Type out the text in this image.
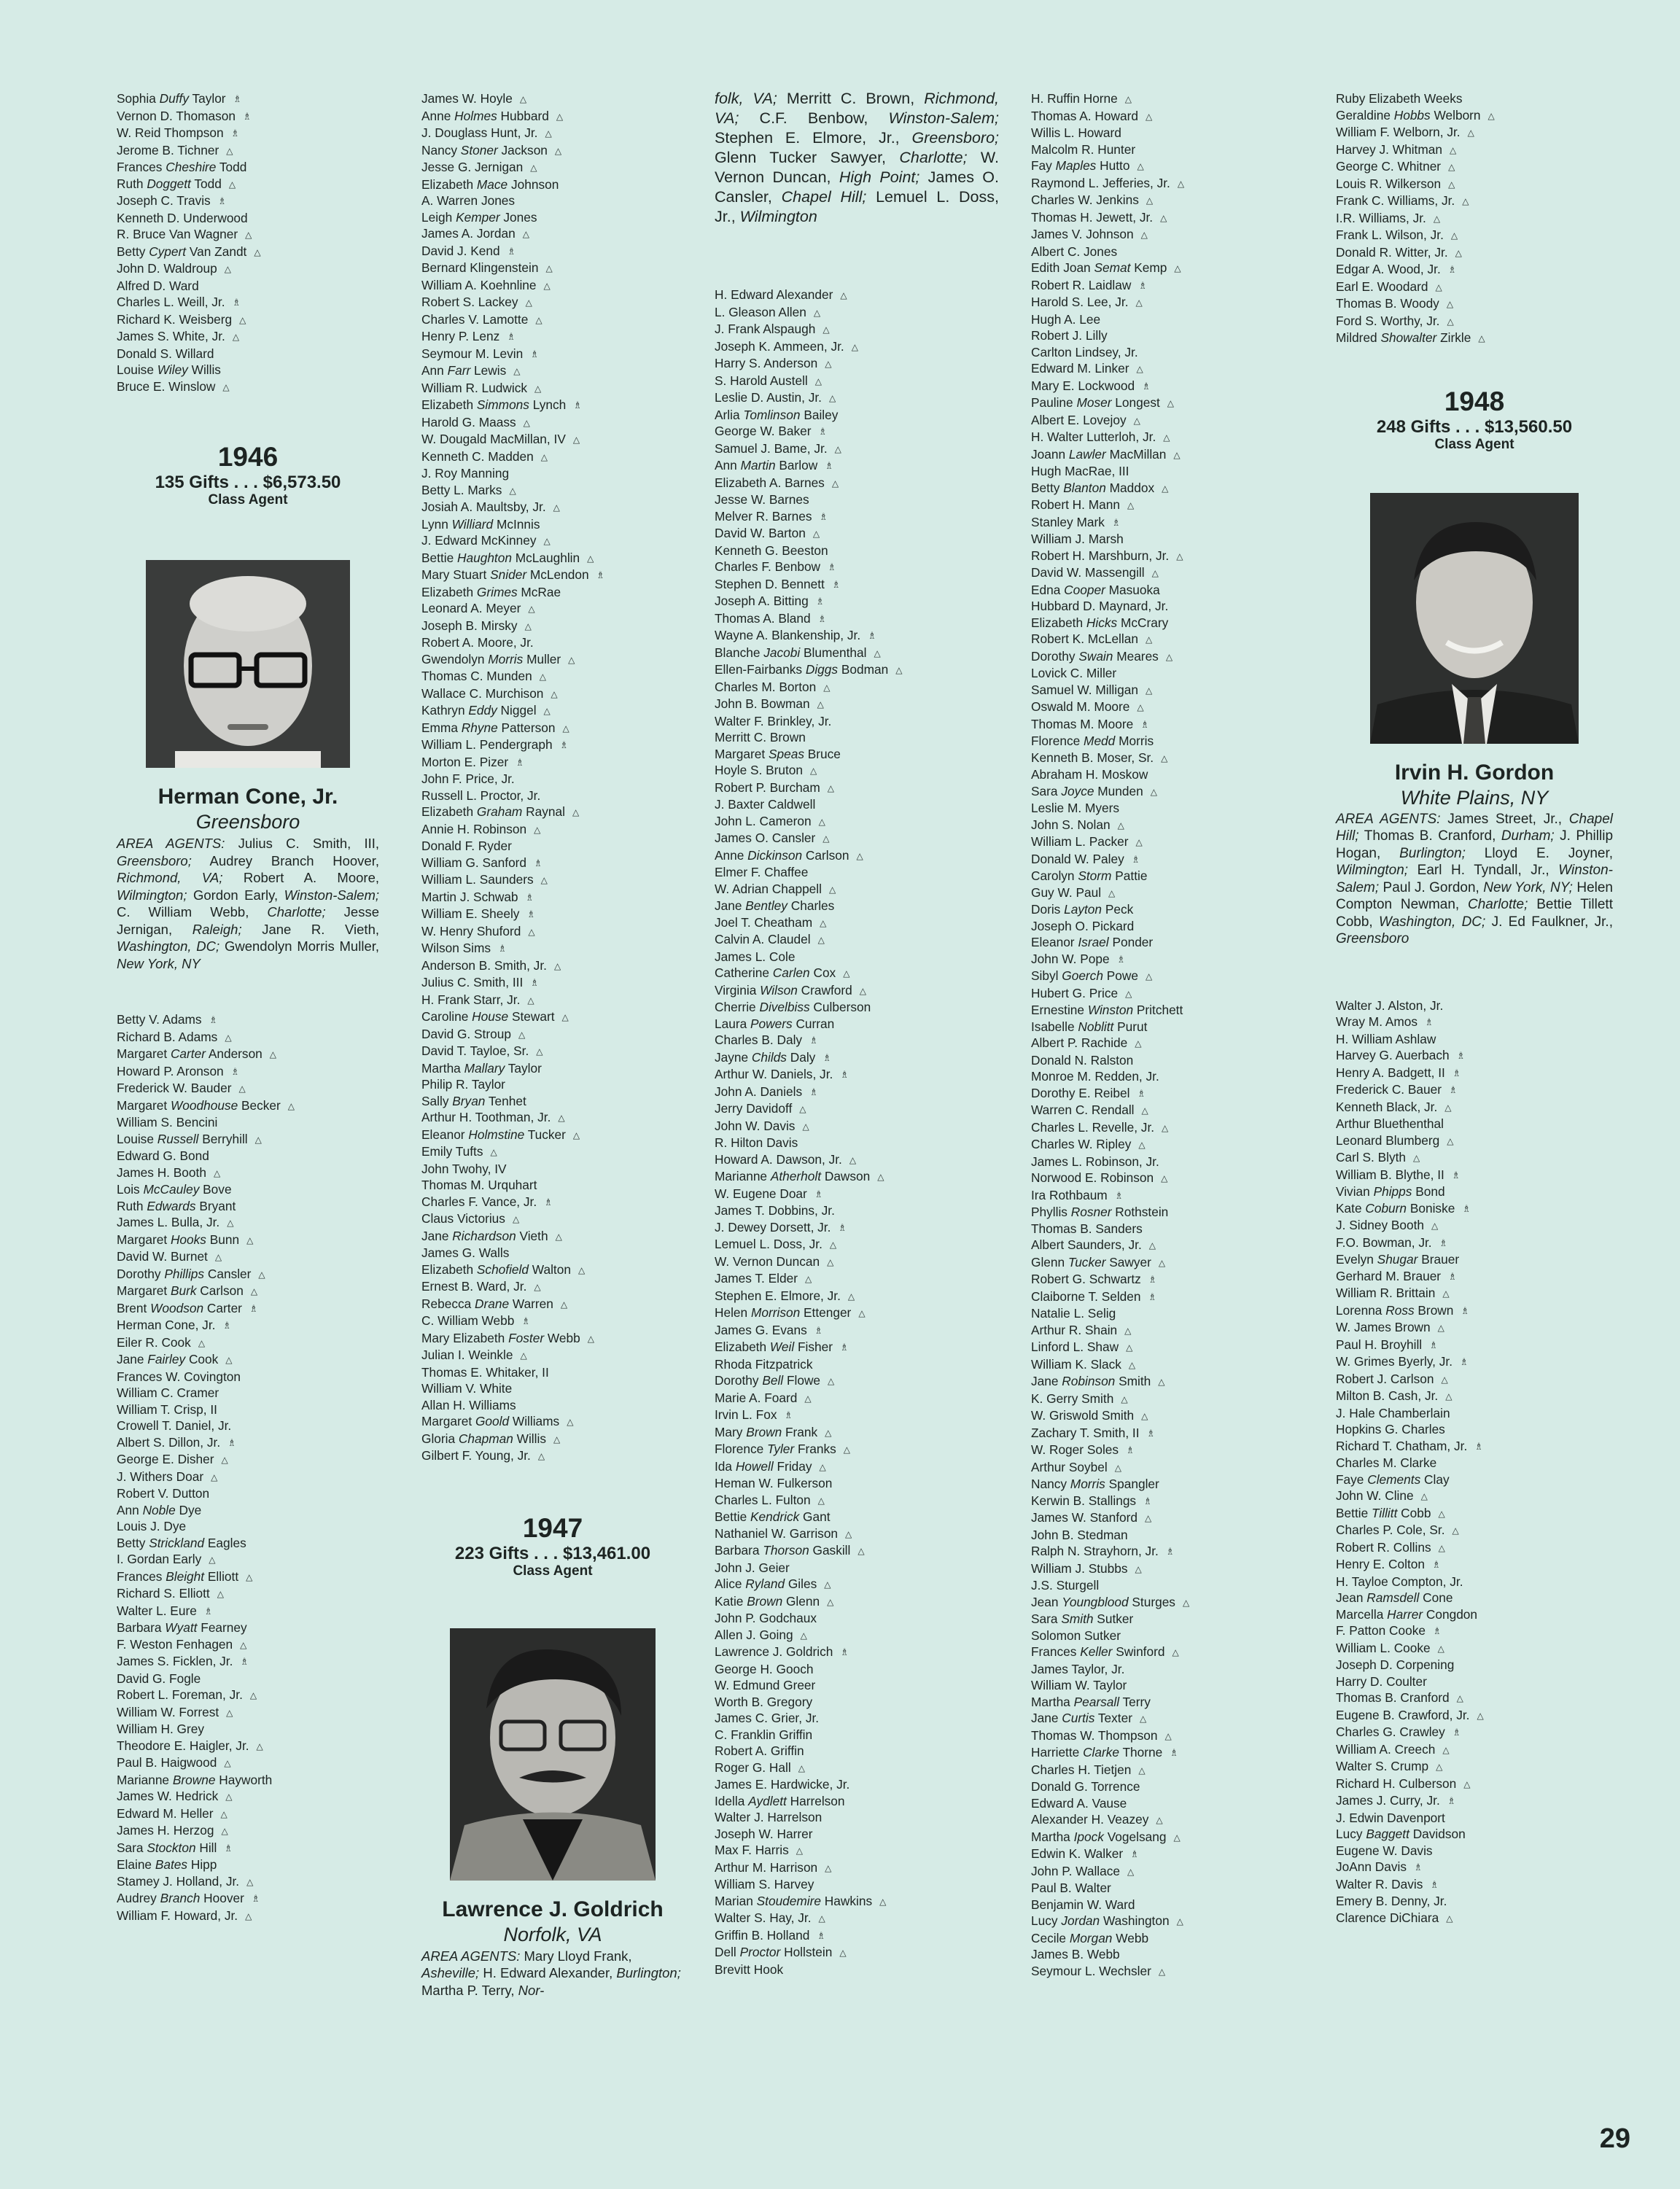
Sophia Duffy Taylor ♗
Vernon D. Thomason ♗
W. Reid Thompson ♗
Jerome B. Tichner △
Frances Cheshire Todd
Ruth Doggett Todd △
Joseph C. Travis ♗
Kenneth D. Underwood
R. Bruce Van Wagner △
Betty Cypert Van Zandt △
John D. Waldroup △
Alfred D. Ward
Charles L. Weill, Jr. ♗
Richard K. Weisberg △
James S. White, Jr. △
Donald S. Willard
Louise Wiley Willis
Bruce E. Winslow △
1946
135 Gifts . . . $6,573.50
Class Agent
Herman Cone, Jr.
Greensboro
AREA AGENTS: Julius C. Smith, III, Greensboro; Audrey Branch Hoover, Richmond, VA; Robert A. Moore, Wilmington; Gordon Early, Winston-Salem; C. William Webb, Charlotte; Jesse Jernigan, Raleigh; Jane R. Vieth, Washington, DC; Gwendolyn Morris Muller, New York, NY
Betty V. Adams ♗
Richard B. Adams △
Margaret Carter Anderson △
Howard P. Aronson ♗
Frederick W. Bauder △
Margaret Woodhouse Becker △
William S. Bencini
Louise Russell Berryhill △
Edward G. Bond
James H. Booth △
Lois McCauley Bove
Ruth Edwards Bryant
James L. Bulla, Jr. △
Margaret Hooks Bunn △
David W. Burnet △
Dorothy Phillips Cansler △
Margaret Burk Carlson △
Brent Woodson Carter ♗
Herman Cone, Jr. ♗
Eiler R. Cook △
Jane Fairley Cook △
Frances W. Covington
William C. Cramer
William T. Crisp, II
Crowell T. Daniel, Jr.
Albert S. Dillon, Jr. ♗
George E. Disher △
J. Withers Doar △
Robert V. Dutton
Ann Noble Dye
Louis J. Dye
Betty Strickland Eagles
I. Gordan Early △
Frances Bleight Elliott △
Richard S. Elliott △
Walter L. Eure ♗
Barbara Wyatt Fearney
F. Weston Fenhagen △
James S. Ficklen, Jr. ♗
David G. Fogle
Robert L. Foreman, Jr. △
William W. Forrest △
William H. Grey
Theodore E. Haigler, Jr. △
Paul B. Haigwood △
Marianne Browne Hayworth
James W. Hedrick △
Edward M. Heller △
James H. Herzog △
Sara Stockton Hill ♗
Elaine Bates Hipp
Stamey J. Holland, Jr. △
Audrey Branch Hoover ♗
William F. Howard, Jr. △
James W. Hoyle △
Anne Holmes Hubbard △
J. Douglass Hunt, Jr. △
Nancy Stoner Jackson △
Jesse G. Jernigan △
Elizabeth Mace Johnson
A. Warren Jones
Leigh Kemper Jones
James A. Jordan △
David J. Kend ♗
Bernard Klingenstein △
William A. Koehnline △
Robert S. Lackey △
Charles V. Lamotte △
Henry P. Lenz ♗
Seymour M. Levin ♗
Ann Farr Lewis △
William R. Ludwick △
Elizabeth Simmons Lynch ♗
Harold G. Maass △
W. Dougald MacMillan, IV △
Kenneth C. Madden △
J. Roy Manning
Betty L. Marks △
Josiah A. Maultsby, Jr. △
Lynn Williard McInnis
J. Edward McKinney △
Bettie Haughton McLaughlin △
Mary Stuart Snider McLendon ♗
Elizabeth Grimes McRae
Leonard A. Meyer △
Joseph B. Mirsky △
Robert A. Moore, Jr.
Gwendolyn Morris Muller △
Thomas C. Munden △
Wallace C. Murchison △
Kathryn Eddy Niggel △
Emma Rhyne Patterson △
William L. Pendergraph ♗
Morton E. Pizer ♗
John F. Price, Jr.
Russell L. Proctor, Jr.
Elizabeth Graham Raynal △
Annie H. Robinson △
Donald F. Ryder
William G. Sanford ♗
William L. Saunders △
Martin J. Schwab ♗
William E. Sheely ♗
W. Henry Shuford △
Wilson Sims ♗
Anderson B. Smith, Jr. △
Julius C. Smith, III ♗
H. Frank Starr, Jr. △
Caroline House Stewart △
David G. Stroup △
David T. Tayloe, Sr. △
Martha Mallary Taylor
Philip R. Taylor
Sally Bryan Tenhet
Arthur H. Toothman, Jr. △
Eleanor Holmstine Tucker △
Emily Tufts △
John Twohy, IV
Thomas M. Urquhart
Charles F. Vance, Jr. ♗
Claus Victorius △
Jane Richardson Vieth △
James G. Walls
Elizabeth Schofield Walton △
Ernest B. Ward, Jr. △
Rebecca Drane Warren △
C. William Webb ♗
Mary Elizabeth Foster Webb △
Julian I. Weinkle △
Thomas E. Whitaker, II
William V. White
Allan H. Williams
Margaret Goold Williams △
Gloria Chapman Willis △
Gilbert F. Young, Jr. △
1947
223 Gifts . . . $13,461.00
Class Agent
Lawrence J. Goldrich
Norfolk, VA
AREA AGENTS: Mary Lloyd Frank, Asheville; H. Edward Alexander, Burlington; Martha P. Terry, Nor-
folk, VA; Merritt C. Brown, Richmond, VA; C.F. Benbow, Winston-Salem; Stephen E. Elmore, Jr., Greensboro; Glenn Tucker Sawyer, Charlotte; W. Vernon Duncan, High Point; James O. Cansler, Chapel Hill; Lemuel L. Doss, Jr., Wilmington
H. Edward Alexander △
L. Gleason Allen △
J. Frank Alspaugh △
Joseph K. Ammeen, Jr. △
Harry S. Anderson △
S. Harold Austell △
Leslie D. Austin, Jr. △
Arlia Tomlinson Bailey
George W. Baker ♗
Samuel J. Bame, Jr. △
Ann Martin Barlow ♗
Elizabeth A. Barnes △
Jesse W. Barnes
Melver R. Barnes ♗
David W. Barton △
Kenneth G. Beeston
Charles F. Benbow ♗
Stephen D. Bennett ♗
Joseph A. Bitting ♗
Thomas A. Bland ♗
Wayne A. Blankenship, Jr. ♗
Blanche Jacobi Blumenthal △
Ellen-Fairbanks Diggs Bodman △
Charles M. Borton △
John B. Bowman △
Walter F. Brinkley, Jr.
Merritt C. Brown
Margaret Speas Bruce
Hoyle S. Bruton △
Robert P. Burcham △
J. Baxter Caldwell
John L. Cameron △
James O. Cansler △
Anne Dickinson Carlson △
Elmer F. Chaffee
W. Adrian Chappell △
Jane Bentley Charles
Joel T. Cheatham △
Calvin A. Claudel △
James L. Cole
Catherine Carlen Cox △
Virginia Wilson Crawford △
Cherrie Divelbiss Culberson
Laura Powers Curran
Charles B. Daly ♗
Jayne Childs Daly ♗
Arthur W. Daniels, Jr. ♗
John A. Daniels ♗
Jerry Davidoff △
John W. Davis △
R. Hilton Davis
Howard A. Dawson, Jr. △
Marianne Atherholt Dawson △
W. Eugene Doar ♗
James T. Dobbins, Jr.
J. Dewey Dorsett, Jr. ♗
Lemuel L. Doss, Jr. △
W. Vernon Duncan △
James T. Elder △
Stephen E. Elmore, Jr. △
Helen Morrison Ettenger △
James G. Evans ♗
Elizabeth Weil Fisher ♗
Rhoda Fitzpatrick
Dorothy Bell Flowe △
Marie A. Foard △
Irvin L. Fox ♗
Mary Brown Frank △
Florence Tyler Franks △
Ida Howell Friday △
Heman W. Fulkerson
Charles L. Fulton △
Bettie Kendrick Gant
Nathaniel W. Garrison △
Barbara Thorson Gaskill △
John J. Geier
Alice Ryland Giles △
Katie Brown Glenn △
John P. Godchaux
Allen J. Going △
Lawrence J. Goldrich ♗
George H. Gooch
W. Edmund Greer
Worth B. Gregory
James C. Grier, Jr.
C. Franklin Griffin
Robert A. Griffin
Roger G. Hall △
James E. Hardwicke, Jr.
Idella Aydlett Harrelson
Walter J. Harrelson
Joseph W. Harrer
Max F. Harris △
Arthur M. Harrison △
William S. Harvey
Marian Stoudemire Hawkins △
Walter S. Hay, Jr. △
Griffin B. Holland ♗
Dell Proctor Hollstein △
Brevitt Hook
H. Ruffin Horne △
Thomas A. Howard △
Willis L. Howard
Malcolm R. Hunter
Fay Maples Hutto △
Raymond L. Jefferies, Jr. △
Charles W. Jenkins △
Thomas H. Jewett, Jr. △
James V. Johnson △
Albert C. Jones
Edith Joan Semat Kemp △
Robert R. Laidlaw ♗
Harold S. Lee, Jr. △
Hugh A. Lee
Robert J. Lilly
Carlton Lindsey, Jr.
Edward M. Linker △
Mary E. Lockwood ♗
Pauline Moser Longest △
Albert E. Lovejoy △
H. Walter Lutterloh, Jr. △
Joann Lawler MacMillan △
Hugh MacRae, III
Betty Blanton Maddox △
Robert H. Mann △
Stanley Mark ♗
William J. Marsh
Robert H. Marshburn, Jr. △
David W. Massengill △
Edna Cooper Masuoka
Hubbard D. Maynard, Jr.
Elizabeth Hicks McCrary
Robert K. McLellan △
Dorothy Swain Meares △
Lovick C. Miller
Samuel W. Milligan △
Oswald M. Moore △
Thomas M. Moore ♗
Florence Medd Morris
Kenneth B. Moser, Sr. △
Abraham H. Moskow
Sara Joyce Munden △
Leslie M. Myers
John S. Nolan △
William L. Packer △
Donald W. Paley ♗
Carolyn Storm Pattie
Guy W. Paul △
Doris Layton Peck
Joseph O. Pickard
Eleanor Israel Ponder
John W. Pope ♗
Sibyl Goerch Powe △
Hubert G. Price △
Ernestine Winston Pritchett
Isabelle Noblitt Purut
Albert P. Rachide △
Donald N. Ralston
Monroe M. Redden, Jr.
Dorothy E. Reibel ♗
Warren C. Rendall △
Charles L. Revelle, Jr. △
Charles W. Ripley △
James L. Robinson, Jr.
Norwood E. Robinson △
Ira Rothbaum ♗
Phyllis Rosner Rothstein
Thomas B. Sanders
Albert Saunders, Jr. △
Glenn Tucker Sawyer △
Robert G. Schwartz ♗
Claiborne T. Selden ♗
Natalie L. Selig
Arthur R. Shain △
Linford L. Shaw △
William K. Slack △
Jane Robinson Smith △
K. Gerry Smith △
W. Griswold Smith △
Zachary T. Smith, II ♗
W. Roger Soles ♗
Arthur Soybel △
Nancy Morris Spangler
Kerwin B. Stallings ♗
James W. Stanford △
John B. Stedman
Ralph N. Strayhorn, Jr. ♗
William J. Stubbs △
J.S. Sturgell
Jean Youngblood Sturges △
Sara Smith Sutker
Solomon Sutker
Frances Keller Swinford △
James Taylor, Jr.
William W. Taylor
Martha Pearsall Terry
Jane Curtis Texter △
Thomas W. Thompson △
Harriette Clarke Thorne ♗
Charles H. Tietjen △
Donald G. Torrence
Edward A. Vause
Alexander H. Veazey △
Martha Ipock Vogelsang △
Edwin K. Walker ♗
John P. Wallace △
Paul B. Walter
Benjamin W. Ward
Lucy Jordan Washington △
Cecile Morgan Webb
James B. Webb
Seymour L. Wechsler △
Ruby Elizabeth Weeks
Geraldine Hobbs Welborn △
William F. Welborn, Jr. △
Harvey J. Whitman △
George C. Whitner △
Louis R. Wilkerson △
Frank C. Williams, Jr. △
I.R. Williams, Jr. △
Frank L. Wilson, Jr. △
Donald R. Witter, Jr. △
Edgar A. Wood, Jr. ♗
Earl E. Woodard △
Thomas B. Woody △
Ford S. Worthy, Jr. △
Mildred Showalter Zirkle △
1948
248 Gifts . . . $13,560.50
Class Agent
Irvin H. Gordon
White Plains, NY
AREA AGENTS: James Street, Jr., Chapel Hill; Thomas B. Cranford, Durham; J. Phillip Hogan, Burlington; Lloyd E. Joyner, Wilmington; Earl H. Tyndall, Jr., Winston-Salem; Paul J. Gordon, New York, NY; Helen Compton Newman, Charlotte; Bettie Tillett Cobb, Washington, DC; J. Ed Faulkner, Jr., Greensboro
Walter J. Alston, Jr.
Wray M. Amos ♗
H. William Ashlaw
Harvey G. Auerbach ♗
Henry A. Badgett, II ♗
Frederick C. Bauer ♗
Kenneth Black, Jr. △
Arthur Bluethenthal
Leonard Blumberg △
Carl S. Blyth △
William B. Blythe, II ♗
Vivian Phipps Bond
Kate Coburn Boniske ♗
J. Sidney Booth △
F.O. Bowman, Jr. ♗
Evelyn Shugar Brauer
Gerhard M. Brauer ♗
William R. Brittain △
Lorenna Ross Brown ♗
W. James Brown △
Paul H. Broyhill ♗
W. Grimes Byerly, Jr. ♗
Robert J. Carlson △
Milton B. Cash, Jr. △
J. Hale Chamberlain
Hopkins G. Charles
Richard T. Chatham, Jr. ♗
Charles M. Clarke
Faye Clements Clay
John W. Cline △
Bettie Tillitt Cobb △
Charles P. Cole, Sr. △
Robert R. Collins △
Henry E. Colton ♗
H. Tayloe Compton, Jr.
Jean Ramsdell Cone
Marcella Harrer Congdon
F. Patton Cooke ♗
William L. Cooke △
Joseph D. Corpening
Harry D. Coulter
Thomas B. Cranford △
Eugene B. Crawford, Jr. △
Charles G. Crawley ♗
William A. Creech △
Walter S. Crump △
Richard H. Culberson △
James J. Curry, Jr. ♗
J. Edwin Davenport
Lucy Baggett Davidson
Eugene W. Davis
JoAnn Davis ♗
Walter R. Davis ♗
Emery B. Denny, Jr.
Clarence DiChiara △
29
